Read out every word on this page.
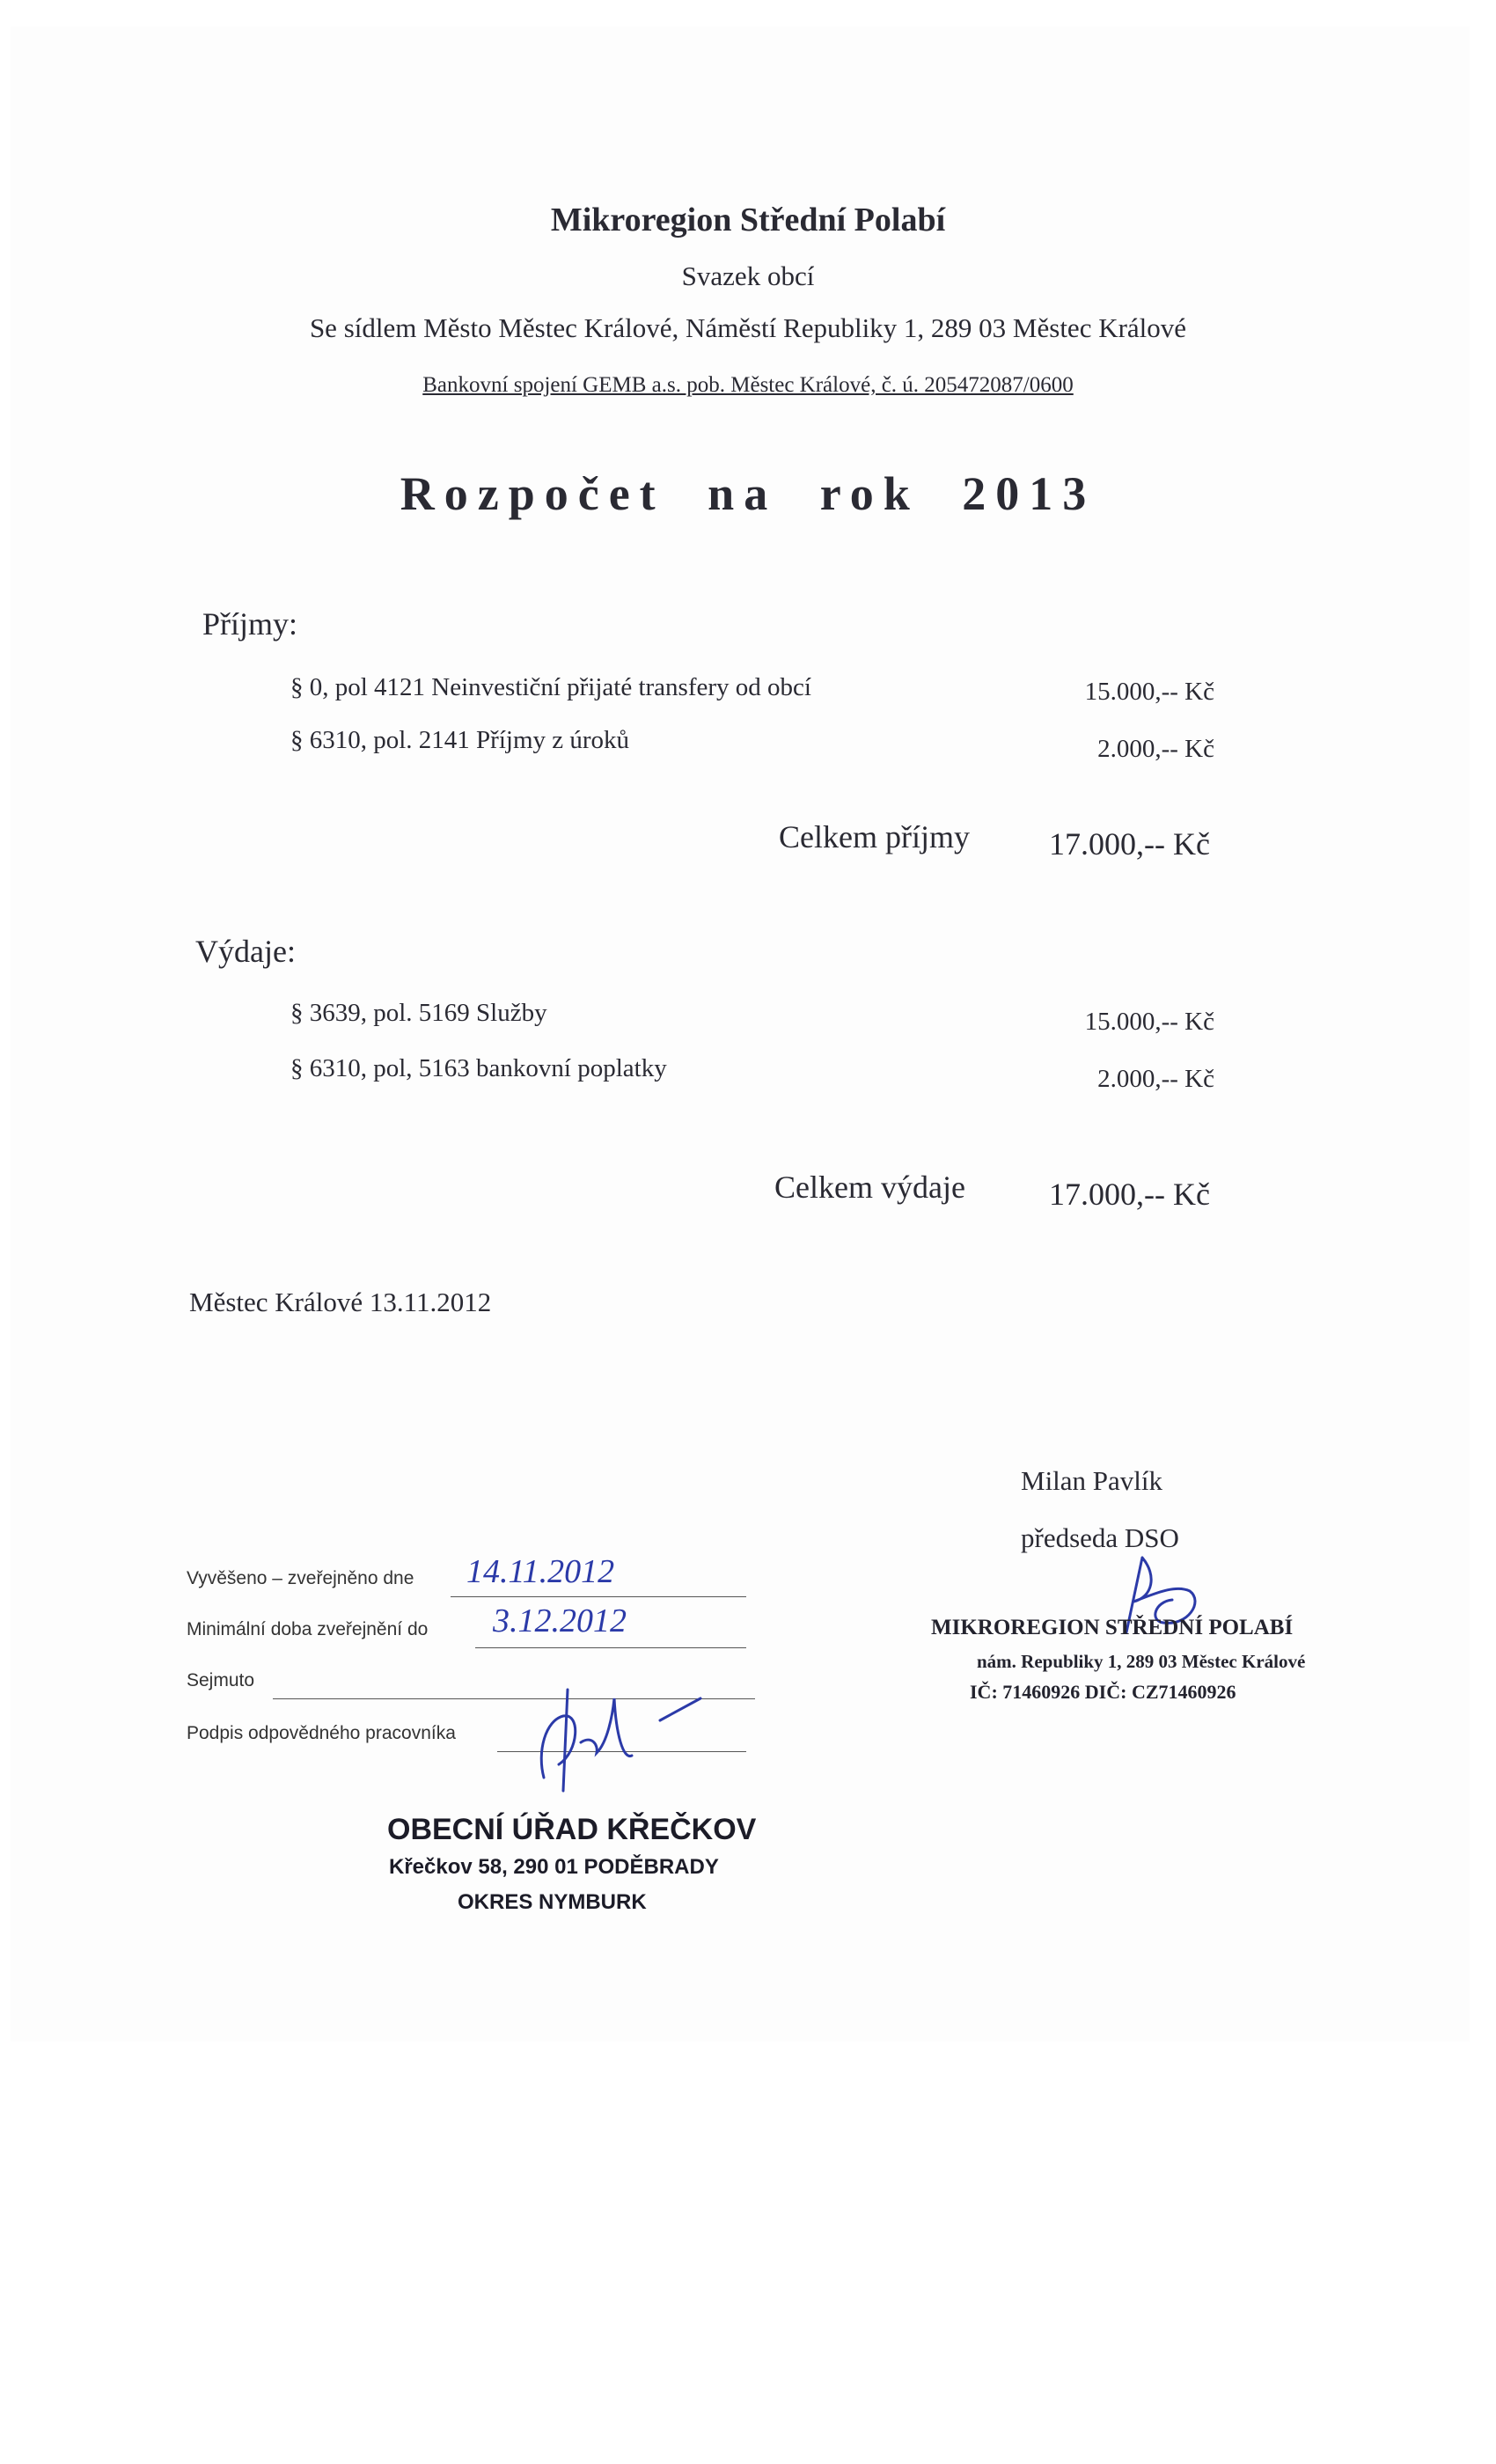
Mikroregion Střední Polabí
Svazek obcí
Se sídlem Město Městec Králové, Náměstí Republiky 1, 289 03 Městec Králové
Bankovní spojení GEMB a.s. pob. Městec Králové, č. ú. 205472087/0600
Rozpočet na rok 2013
Příjmy:
§ 0, pol 4121 Neinvestiční přijaté transfery od obcí	15.000,-- Kč
§ 6310, pol. 2141 Příjmy z úroků	2.000,-- Kč
Celkem příjmy	17.000,-- Kč
Výdaje:
§ 3639, pol. 5169 Služby	15.000,-- Kč
§ 6310, pol, 5163 bankovní poplatky	2.000,-- Kč
Celkem výdaje	17.000,-- Kč
Městec Králové 13.11.2012
Milan Pavlík
předseda DSO
MIKROREGION STŘEDNÍ POLABÍ
nám. Republiky 1, 289 03 Městec Králové
IČ: 71460926 DIČ: CZ71460926
Vyvěšeno – zveřejněno dne 14.11.2012
Minimální doba zveřejnění do 3.12.2012
Sejmuto
Podpis odpovědného pracovníka
OBECNÍ ÚŘAD KŘEČKOV
Křečkov 58, 290 01 PODĚBRADY
OKRES NYMBURK
